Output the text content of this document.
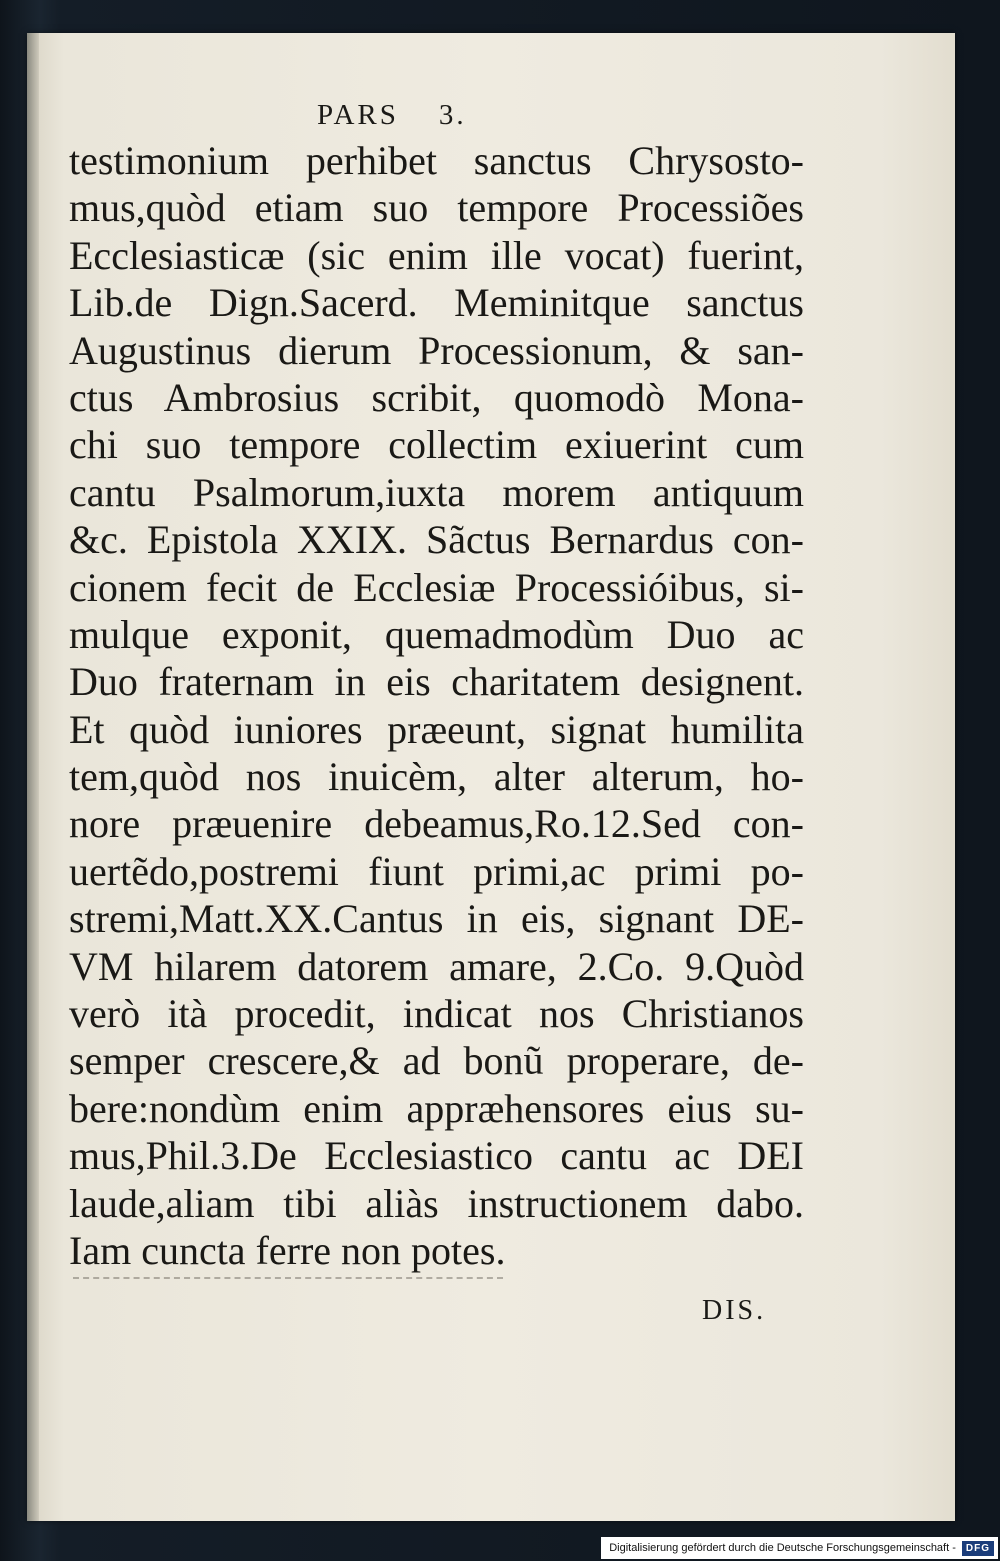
PARS 3.
testimonium perhibet sanctus Chrysosto-
mus,quòd etiam suo tempore Processiões
Ecclesiasticæ (sic enim ille vocat) fuerint,
Lib.de Dign.Sacerd. Meminitque sanctus
Augustinus dierum Processionum, & san-
ctus Ambrosius scribit, quomodò Mona-
chi suo tempore collectim exiuerint cum
cantu Psalmorum,iuxta morem antiquum
&c. Epistola XXIX. Sãctus Bernardus con-
cionem fecit de Ecclesiæ Processióibus, si-
mulque exponit, quemadmodùm Duo ac
Duo fraternam in eis charitatem designent.
Et quòd iuniores præeunt, signat humilita
tem,quòd nos inuicèm, alter alterum, ho-
nore præuenire debeamus,Ro.12.Sed con-
uertẽdo,postremi fiunt primi,ac primi po-
stremi,Matt.XX.Cantus in eis, signant DE-
VM hilarem datorem amare, 2.Co. 9.Quòd
verò ità procedit, indicat nos Christianos
semper crescere,& ad bonũ properare, de-
bere:nondùm enim appræhensores eius su-
mus,Phil.3.De Ecclesiastico cantu ac DEI
laude,aliam tibi aliàs instructionem dabo.
Iam cuncta ferre non potes.
DIS.
Digitalisierung gefördert durch die Deutsche Forschungsgemeinschaft -	DFG
